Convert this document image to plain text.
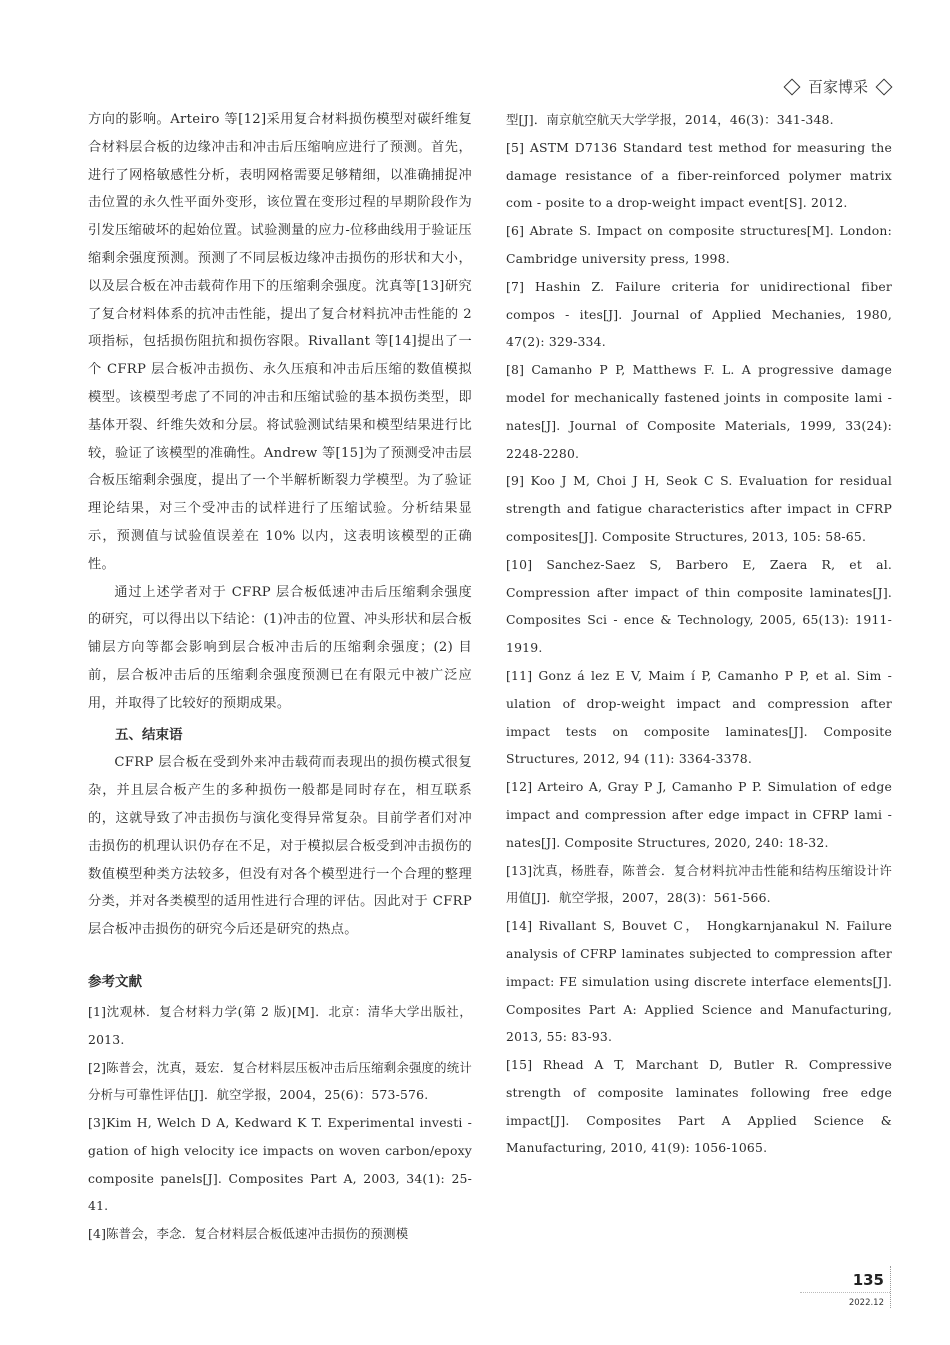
百家博采

方向的影响。Arteiro 等[12]采用复合材料损伤模型对碳纤维复合材料层合板的边缘冲击和冲击后压缩响应进行了预测。首先，进行了网格敏感性分析，表明网格需要足够精细，以准确捕捉冲击位置的永久性平面外变形，该位置在变形过程的早期阶段作为引发压缩破坏的起始位置。试验测量的应力-位移曲线用于验证压缩剩余强度预测。预测了不同层板边缘冲击损伤的形状和大小，以及层合板在冲击载荷作用下的压缩剩余强度。沈真等[13]研究了复合材料体系的抗冲击性能，提出了复合材料抗冲击性能的 2 项指标，包括损伤阻抗和损伤容限。Rivallant 等[14]提出了一个 CFRP 层合板冲击损伤、永久压痕和冲击后压缩的数值模拟模型。该模型考虑了不同的冲击和压缩试验的基本损伤类型，即基体开裂、纤维失效和分层。将试验测试结果和模型结果进行比较，验证了该模型的准确性。Andrew 等[15]为了预测受冲击层合板压缩剩余强度，提出了一个半解析断裂力学模型。为了验证理论结果，对三个受冲击的试样进行了压缩试验。分析结果显示，预测值与试验值误差在 10% 以内，这表明该模型的正确性。

通过上述学者对于 CFRP 层合板低速冲击后压缩剩余强度的研究，可以得出以下结论：(1)冲击的位置、冲头形状和层合板铺层方向等都会影响到层合板冲击后的压缩剩余强度；(2) 目前，层合板冲击后的压缩剩余强度预测已在有限元中被广泛应用，并取得了比较好的预期成果。

五、结束语

CFRP 层合板在受到外来冲击载荷而表现出的损伤模式很复杂，并且层合板产生的多种损伤一般都是同时存在，相互联系的，这就导致了冲击损伤与演化变得异常复杂。目前学者们对冲击损伤的机理认识仍存在不足，对于模拟层合板受到冲击损伤的数值模型种类方法较多，但没有对各个模型进行一个合理的整理分类，并对各类模型的适用性进行合理的评估。因此对于 CFRP 层合板冲击损伤的研究今后还是研究的热点。

参考文献

[1]沈观林．复合材料力学(第 2 版)[M]．北京：清华大学出版社，2013.

[2]陈普会，沈真，聂宏．复合材料层压板冲击后压缩剩余强度的统计分析与可靠性评估[J]．航空学报，2004，25(6)：573-576.

[3]Kim H, Welch D A, Kedward K T. Experimental investi - gation of high velocity ice impacts on woven carbon/epoxy composite panels[J]. Composites Part A, 2003, 34(1): 25-41.

[4]陈普会，李念．复合材料层合板低速冲击损伤的预测模

型[J]．南京航空航天大学学报，2014，46(3)：341-348.

[5] ASTM D7136 Standard test method for measuring the damage resistance of a fiber-reinforced polymer matrix com - posite to a drop-weight impact event[S]. 2012.

[6] Abrate S. Impact on composite structures[M]. London: Cambridge university press, 1998.

[7] Hashin Z. Failure criteria for unidirectional fiber compos - ites[J]. Journal of Applied Mechanies, 1980, 47(2): 329-334.

[8] Camanho P P, Matthews F. L. A progressive damage model for mechanically fastened joints in composite lami - nates[J]. Journal of Composite Materials, 1999, 33(24): 2248-2280.

[9] Koo J M, Choi J H, Seok C S. Evaluation for residual strength and fatigue characteristics after impact in CFRP composites[J]. Composite Structures, 2013, 105: 58-65.

[10] Sanchez-Saez S, Barbero E, Zaera R, et al. Compression after impact of thin composite laminates[J]. Composites Sci - ence & Technology, 2005, 65(13): 1911-1919.

[11] Gonz á lez E V, Maim í P, Camanho P P, et al. Sim - ulation of drop-weight impact and compression after impact tests on composite laminates[J]. Composite Structures, 2012, 94 (11): 3364-3378.

[12] Arteiro A, Gray P J, Camanho P P. Simulation of edge impact and compression after edge impact in CFRP lami - nates[J]. Composite Structures, 2020, 240: 18-32.

[13]沈真，杨胜春，陈普会．复合材料抗冲击性能和结构压缩设计许用值[J]．航空学报，2007，28(3)：561-566.

[14] Rivallant S, Bouvet C， Hongkarnjanakul N. Failure analysis of CFRP laminates subjected to compression after impact: FE simulation using discrete interface elements[J]. Composites Part A: Applied Science and Manufacturing, 2013, 55: 83-93.

[15] Rhead A T, Marchant D, Butler R. Compressive strength of composite laminates following free edge impact[J]. Composites Part A Applied Science & Manufacturing, 2010, 41(9): 1056-1065.

135
2022.12
